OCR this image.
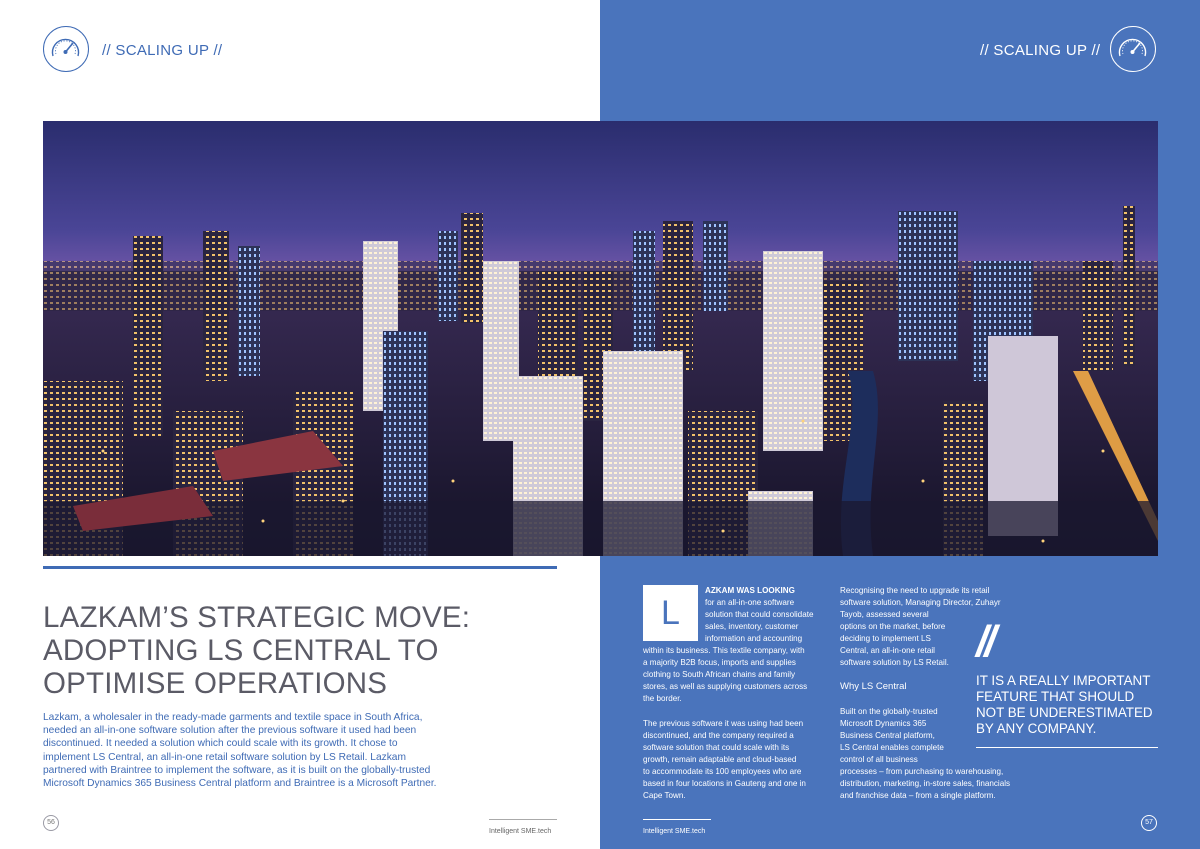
// SCALING UP //	// SCALING UP //
LAZKAM’S STRATEGIC MOVE:
ADOPTING LS CENTRAL TO
OPTIMISE OPERATIONS
Lazkam, a wholesaler in the ready-made garments and textile space in South Africa, needed an all-in-one software solution after the previous software it used had been discontinued. It needed a solution which could scale with its growth. It chose to implement LS Central, an all-in-one retail software solution by LS Retail. Lazkam partnered with Braintree to implement the software, as it is built on the globally-trusted Microsoft Dynamics 365 Business Central platform and Braintree is a Microsoft Partner.
56
Intelligent SME.tech
L
AZKAM WAS LOOKING
for an all-in-one software
solution that could consolidate
sales, inventory, customer
information and accounting
within its business. This textile company, with
a majority B2B focus, imports and supplies
clothing to South African chains and family
stores, as well as supplying customers across
the border.
The previous software it was using had been
discontinued, and the company required a
software solution that could scale with its
growth, remain adaptable and cloud-based
to accommodate its 100 employees who are
based in four locations in Gauteng and one in
Cape Town.
Recognising the need to upgrade its retail
software solution, Managing Director, Zuhayr
Tayob, assessed several
options on the market, before
deciding to implement LS
Central, an all-in-one retail
software solution by LS Retail.
Why LS Central
Built on the globally-trusted
Microsoft Dynamics 365
Business Central platform,
LS Central enables complete
control of all business
processes – from purchasing to warehousing,
distribution, marketing, in-store sales, financials
and franchise data – from a single platform.
//
IT IS A REALLY IMPORTANT
FEATURE THAT SHOULD
NOT BE UNDERESTIMATED
BY ANY COMPANY.
Intelligent SME.tech
57
